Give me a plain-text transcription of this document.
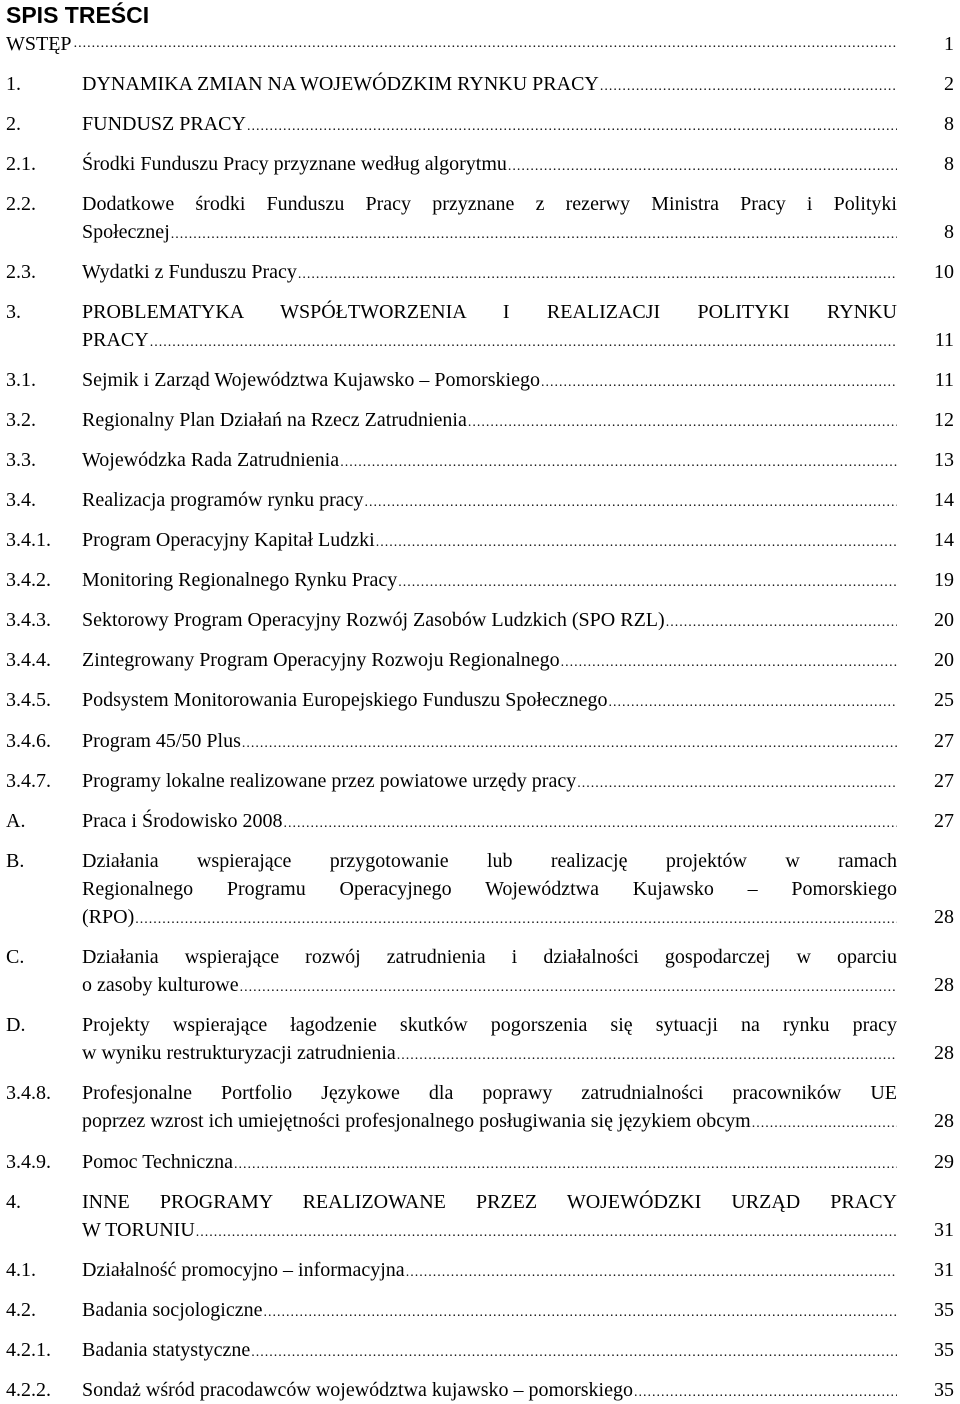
SPIS TREŚCI
WSTĘP .....	1
1.	DYNAMIKA ZMIAN NA WOJEWÓDZKIM RYNKU PRACY .....	2
2.	FUNDUSZ PRACY .....	8
2.1. Środki Funduszu Pracy przyznane według algorytmu .....	8
2.2. Dodatkowe środki Funduszu Pracy przyznane z rezerwy Ministra Pracy i Polityki
Społecznej .....	8
2.3. Wydatki z Funduszu Pracy .....	10
3.	PROBLEMATYKA WSPÓŁTWORZENIA I REALIZACJI POLITYKI RYNKU
PRACY .....	11
3.1. Sejmik i Zarząd Województwa Kujawsko – Pomorskiego .....	11
3.2. Regionalny Plan Działań na Rzecz Zatrudnienia .....	12
3.3. Wojewódzka Rada Zatrudnienia .....	13
3.4. Realizacja programów rynku pracy .....	14
3.4.1. Program Operacyjny Kapitał Ludzki .....	14
3.4.2. Monitoring Regionalnego Rynku Pracy .....	19
3.4.3. Sektorowy Program Operacyjny Rozwój Zasobów Ludzkich (SPO RZL) .....	20
3.4.4. Zintegrowany Program Operacyjny Rozwoju Regionalnego .....	20
3.4.5. Podsystem Monitorowania Europejskiego Funduszu Społecznego .....	25
3.4.6. Program 45/50 Plus .....	27
3.4.7. Programy lokalne realizowane przez powiatowe urzędy pracy .....	27
A.	Praca i Środowisko 2008 .....	27
B.	Działania wspierające przygotowanie lub realizację projektów w ramach
Regionalnego Programu Operacyjnego Województwa Kujawsko – Pomorskiego
(RPO) .....	28
C.	Działania wspierające rozwój zatrudnienia i działalności gospodarczej w oparciu
o zasoby kulturowe .....	28
D.	Projekty wspierające łagodzenie skutków pogorszenia się sytuacji na rynku pracy
w wyniku restrukturyzacji zatrudnienia .....	28
3.4.8. Profesjonalne Portfolio Językowe dla poprawy zatrudnialności pracowników UE
poprzez wzrost ich umiejętności profesjonalnego posługiwania się językiem obcym .....	28
3.4.9. Pomoc Techniczna .....	29
4.	INNE PROGRAMY REALIZOWANE PRZEZ WOJEWÓDZKI URZĄD PRACY
W TORUNIU .....	31
4.1. Działalność promocyjno – informacyjna .....	31
4.2. Badania socjologiczne .....	35
4.2.1. Badania statystyczne .....	35
4.2.2. Sondaż wśród pracodawców województwa kujawsko – pomorskiego .....	35
